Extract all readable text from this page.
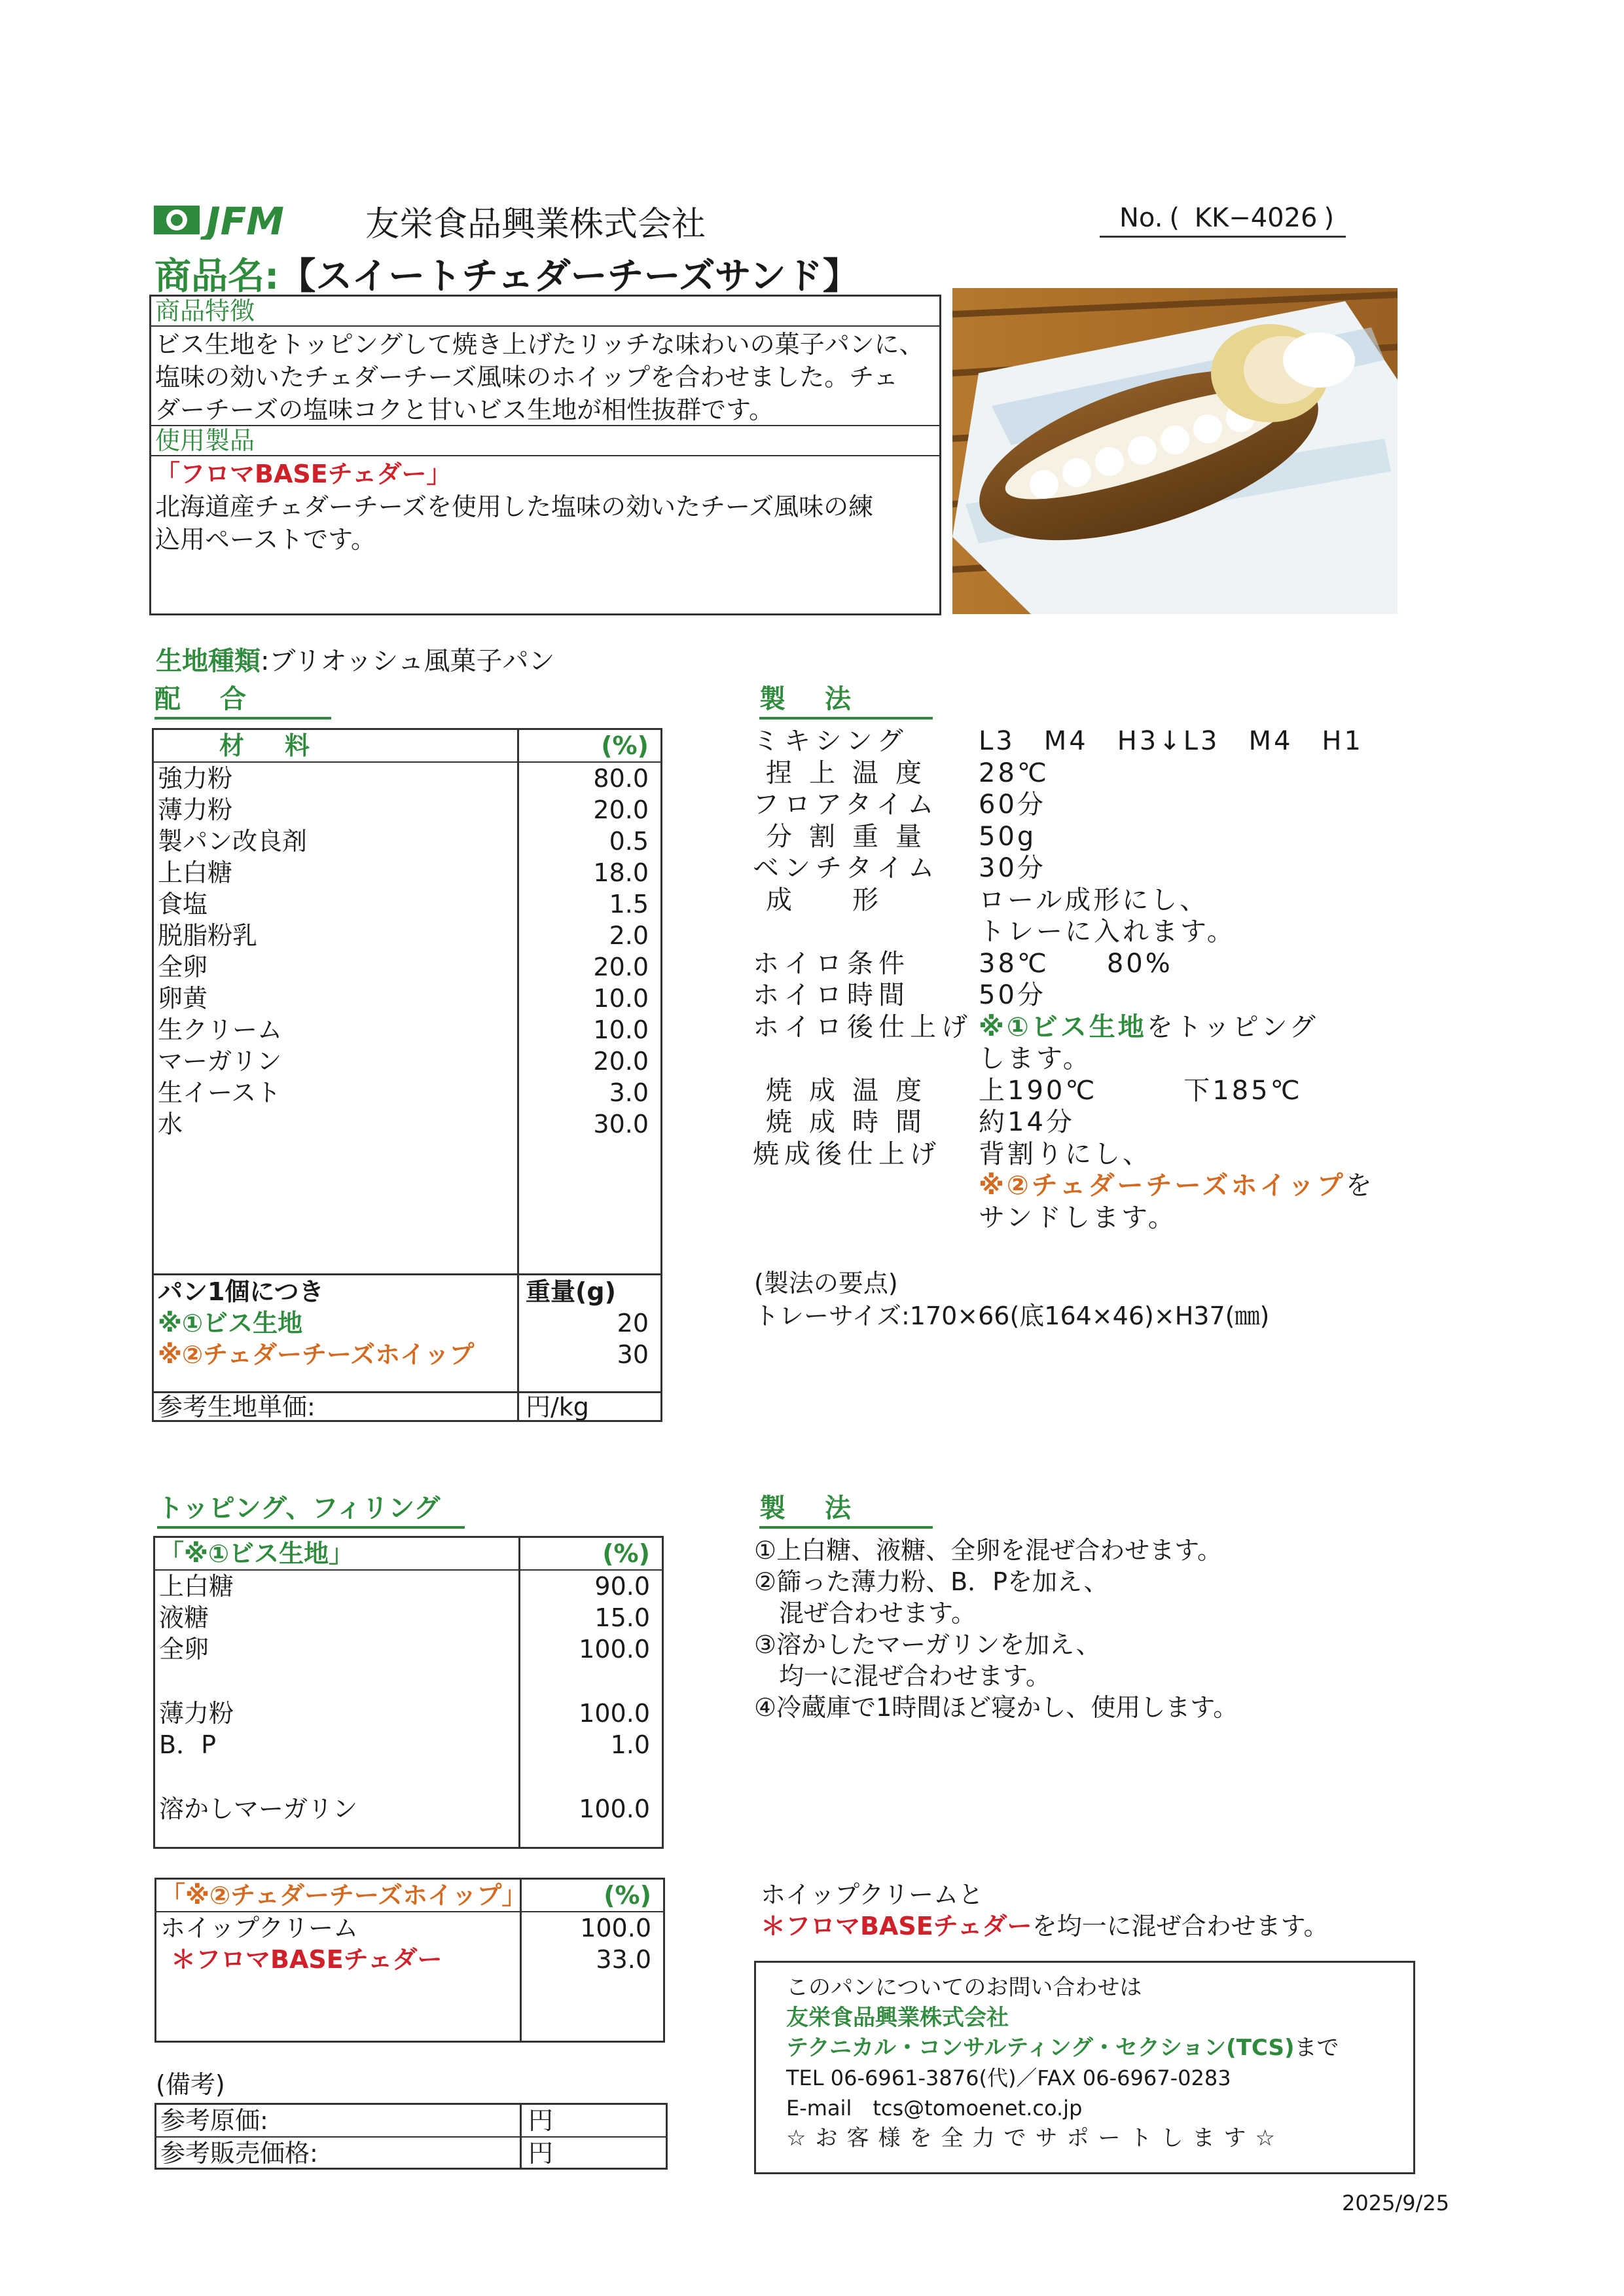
JFM 友栄食品興業株式会社	No. ( KK−4026 )
商品名:【スイートチェダーチーズサンド】
商品特徴
ビス生地をトッピングして焼き上げたリッチな味わいの菓子パンに、
塩味の効いたチェダーチーズ風味のホイップを合わせました。チェ
ダーチーズの塩味コクと甘いビス生地が相性抜群です。
使用製品
「フロマBASEチェダー」
北海道産チェダーチーズを使用した塩味の効いたチーズ風味の練
込用ペーストです。
生地種類:ブリオッシュ風菓子パン
配　合	製　法
材　料	(%)
強力粉	80.0
薄力粉	20.0
製パン改良剤	0.5
上白糖	18.0
食塩	1.5
脱脂粉乳	2.0
全卵	20.0
卵黄	10.0
生クリーム	10.0
マーガリン	20.0
生イースト	3.0
水	30.0
パン1個につき	重量(g)
※①ビス生地	20
※②チェダーチーズホイップ	30
参考生地単価:	円/kg
ミキシング	L3　M4　H3↓L3　M4　H1
捏上温度 28℃
フロアタイム 60分
分割重量 50g
ベンチタイム 30分
成　形	ロール成形にし、
トレーに入れます。
ホイロ条件	38℃　　80%
ホイロ時間	50分
ホイロ後仕上げ ※①ビス生地をトッピング
します。
焼成温度 上190℃　　　下185℃
焼成時間 約14分
焼成後仕上げ 背割りにし、
※②チェダーチーズホイップを
サンドします。
(製法の要点)
トレーサイズ:170×66(底164×46)×H37(㎜)
トッピング、フィリング	製　法
「※①ビス生地」	(%)
上白糖	90.0
液糖	15.0
全卵	100.0
薄力粉	100.0
B．P	1.0
溶かしマーガリン	100.0
①上白糖、液糖、全卵を混ぜ合わせます。
②篩った薄力粉、B．Pを加え、
　混ぜ合わせます。
③溶かしたマーガリンを加え、
　均一に混ぜ合わせます。
④冷蔵庫で1時間ほど寝かし、使用します。
「※②チェダーチーズホイップ」	(%)
ホイップクリーム	100.0
＊フロマBASEチェダー	33.0
ホイップクリームと
＊フロマBASEチェダーを均一に混ぜ合わせます。
(備考)
参考原価:	円
参考販売価格:	円
このパンについてのお問い合わせは
友栄食品興業株式会社
テクニカル・コンサルティング・セクション(TCS)まで
TEL 06-6961-3876(代)／FAX 06-6967-0283
E-mail　tcs@tomoenet.co.jp
☆お客様を全力でサポートします☆
2025/9/25
